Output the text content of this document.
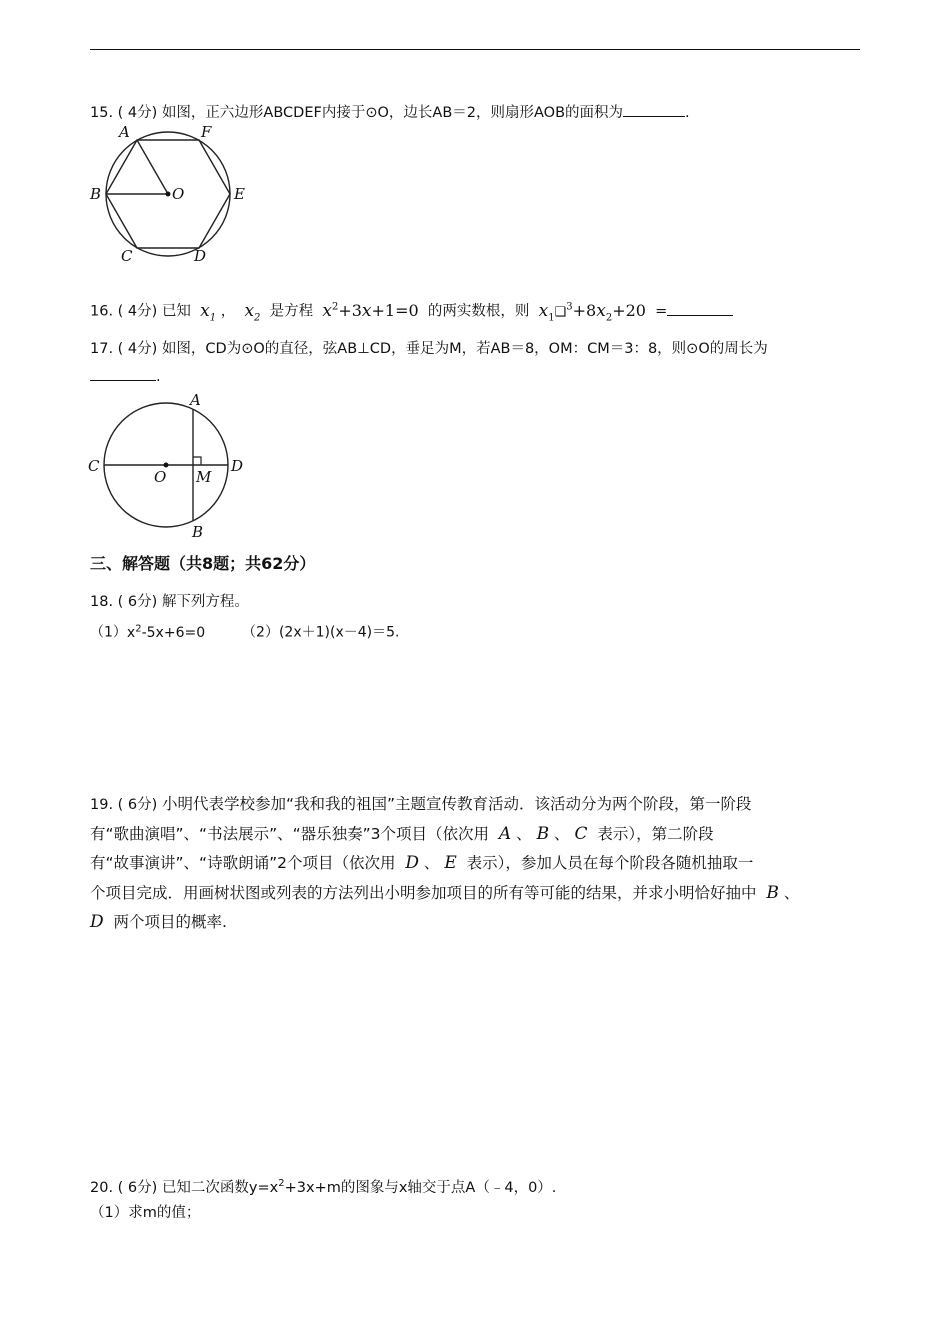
15. ( 4分) 如图，正六边形ABCDEF内接于⊙O，边长AB＝2，则扇形AOB的面积为	.
A	F
B	O	E
C	D
16. ( 4分) 已知 $x_1$ ， $x_2$ 是方程 $x^2+3x+1=0$ 的两实数根，则 $x_1❑^3+8x_2+20$ =
17. ( 4分) 如图，CD为⊙O的直径，弦AB⊥CD，垂足为M，若AB＝8，OM：CM＝3：8，则⊙O的周长为
.
A
C
O M
D
B
三、解答题（共8题；共62分）
18. ( 6分) 解下列方程。
$(1)x^2-5x+6=0$	（2）(2x＋1)(x－4)＝5.
19. ( 6分) 小明代表学校参加“我和我的祖国”主题宣传教育活动．该活动分为两个阶段，第一阶段
有“歌曲演唱”、“书法展示”、“器乐独奏”3个项目（依次用 A 、 B 、 C 表示），第二阶段
有“故事演讲”、“诗歌朗诵”2个项目（依次用 D 、 E 表示），参加人员在每个阶段各随机抽取一
个项目完成．用画树状图或列表的方法列出小明参加项目的所有等可能的结果，并求小明恰好抽中 B 、
D 两个项目的概率.
20. ( 6分) 已知二次函数$y=x^2+3x+m$的图象与x轴交于点A（﹣4，0）.
（1）求m的值；
